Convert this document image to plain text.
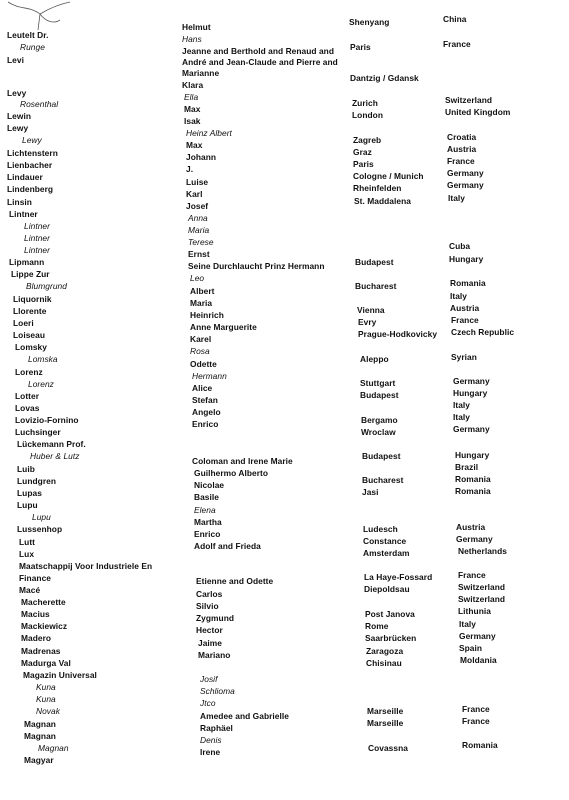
Leutelt Dr.
Runge
Levi
Levy
Rosenthal
Lewin
Lewy
Lewy
Lichtenstern
Lienbacher
Lindauer
Lindenberg
Linsin
Lintner
Lintner
Lintner
Lintner
Lipmann
Lippe Zur
Blumgrund
Liquornik
Llorente
Loeri
Loiseau
Lomsky
Lomska
Lorenz
Lorenz
Lotter
Lovas
Lovizio-Fornino
Luchsinger
Lückemann Prof.
Huber & Lutz
Luib
Lundgren
Lupas
Lupu
Lupu
Lussenhop
Lutt
Lux
Maatschappij Voor Industriele En
Finance
Macé
Macherette
Macius
Mackiewicz
Madero
Madrenas
Madurga Val
Magazin Universal
Kuna
Kuna
Novak
Magnan
Magnan
Magnan
Magyar
Helmut
Hans
Jeanne and Berthold and Renaud and
André and Jean-Claude and Pierre and
Marianne
Klara
Ella
Max
Isak
Heinz Albert
Max
Johann
J.
Luise
Karl
Josef
Anna
Maria
Terese
Ernst
Seine Durchlaucht Prinz Hermann
Leo
Albert
Maria
Heinrich
Anne Marguerite
Karel
Rosa
Odette
Hermann
Alice
Stefan
Angelo
Enrico
Coloman and Irene Marie
Guilhermo Alberto
Nicolae
Basile
Elena
Martha
Enrico
Adolf and Frieda
Etienne and Odette
Carlos
Silvio
Zygmund
Hector
Jaime
Mariano
Josif
Schlioma
Jtco
Amedee and Gabrielle
Raphäel
Denis
Irene
Shenyang
Paris
Dantzig / Gdansk
Zurich
London
Zagreb
Graz
Paris
Cologne / Munich
Rheinfelden
St. Maddalena
Budapest
Bucharest
Vienna
Evry
Prague-Hodkovicky
Aleppo
Stuttgart
Budapest
Bergamo
Wroclaw
Budapest
Bucharest
Jasi
Ludesch
Constance
Amsterdam
La Haye-Fossard
Diepoldsau
Post Janova
Rome
Saarbrücken
Zaragoza
Chisinau
Marseille
Marseille
Covassna
China
France
Switzerland
United Kingdom
Croatia
Austria
France
Germany
Germany
Italy
Cuba
Hungary
Romania
Italy
Austria
France
Czech Republic
Syrian
Germany
Hungary
Italy
Italy
Germany
Hungary
Brazil
Romania
Romania
Austria
Germany
Netherlands
France
Switzerland
Switzerland
Lithunia
Italy
Germany
Spain
Moldania
France
France
Romania
